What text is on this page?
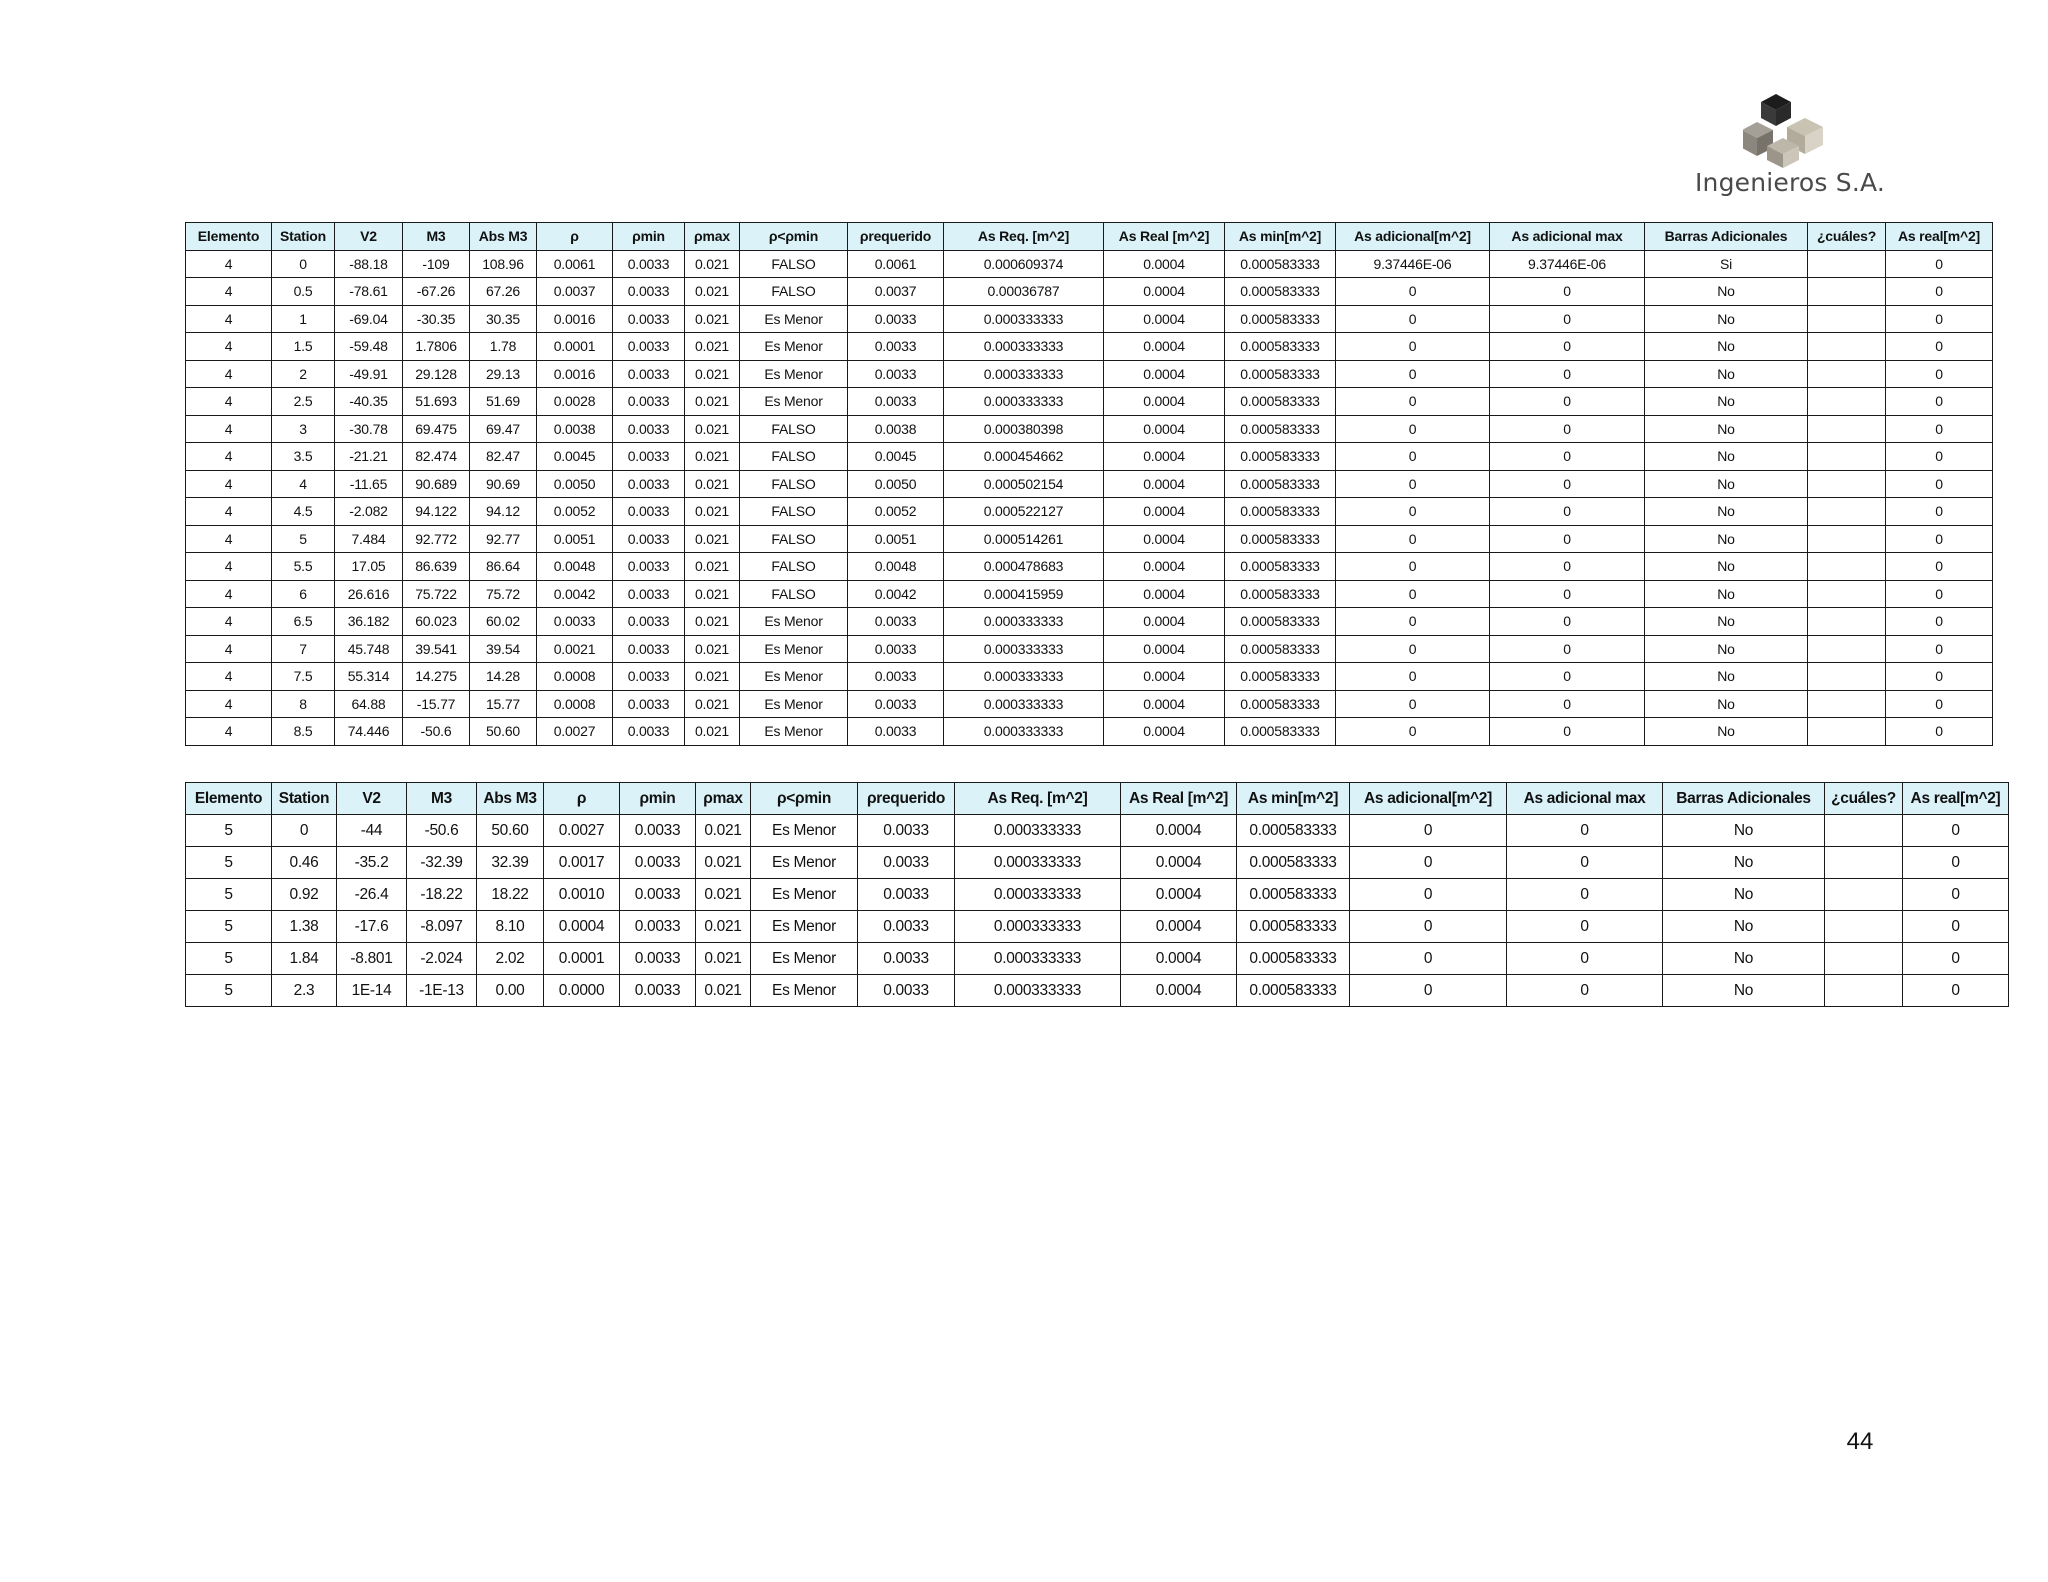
Ingenieros S.A.
Elemento	Station	V2	M3	Abs M3	ρ	ρmin	ρmax	ρ<ρmin	ρrequerido	As Req. [m^2]	As Real [m^2]	As min[m^2]	As adicional[m^2]	As adicional max	Barras Adicionales	¿cuáles?	As real[m^2]
4	0	-88.18	-109	108.96	0.0061	0.0033	0.021	FALSO	0.0061	0.000609374	0.0004	0.000583333	9.37446E-06	9.37446E-06	Si		0
4	0.5	-78.61	-67.26	67.26	0.0037	0.0033	0.021	FALSO	0.0037	0.00036787	0.0004	0.000583333	0	0	No		0
4	1	-69.04	-30.35	30.35	0.0016	0.0033	0.021	Es Menor	0.0033	0.000333333	0.0004	0.000583333	0	0	No		0
4	1.5	-59.48	1.7806	1.78	0.0001	0.0033	0.021	Es Menor	0.0033	0.000333333	0.0004	0.000583333	0	0	No		0
4	2	-49.91	29.128	29.13	0.0016	0.0033	0.021	Es Menor	0.0033	0.000333333	0.0004	0.000583333	0	0	No		0
4	2.5	-40.35	51.693	51.69	0.0028	0.0033	0.021	Es Menor	0.0033	0.000333333	0.0004	0.000583333	0	0	No		0
4	3	-30.78	69.475	69.47	0.0038	0.0033	0.021	FALSO	0.0038	0.000380398	0.0004	0.000583333	0	0	No		0
4	3.5	-21.21	82.474	82.47	0.0045	0.0033	0.021	FALSO	0.0045	0.000454662	0.0004	0.000583333	0	0	No		0
4	4	-11.65	90.689	90.69	0.0050	0.0033	0.021	FALSO	0.0050	0.000502154	0.0004	0.000583333	0	0	No		0
4	4.5	-2.082	94.122	94.12	0.0052	0.0033	0.021	FALSO	0.0052	0.000522127	0.0004	0.000583333	0	0	No		0
4	5	7.484	92.772	92.77	0.0051	0.0033	0.021	FALSO	0.0051	0.000514261	0.0004	0.000583333	0	0	No		0
4	5.5	17.05	86.639	86.64	0.0048	0.0033	0.021	FALSO	0.0048	0.000478683	0.0004	0.000583333	0	0	No		0
4	6	26.616	75.722	75.72	0.0042	0.0033	0.021	FALSO	0.0042	0.000415959	0.0004	0.000583333	0	0	No		0
4	6.5	36.182	60.023	60.02	0.0033	0.0033	0.021	Es Menor	0.0033	0.000333333	0.0004	0.000583333	0	0	No		0
4	7	45.748	39.541	39.54	0.0021	0.0033	0.021	Es Menor	0.0033	0.000333333	0.0004	0.000583333	0	0	No		0
4	7.5	55.314	14.275	14.28	0.0008	0.0033	0.021	Es Menor	0.0033	0.000333333	0.0004	0.000583333	0	0	No		0
4	8	64.88	-15.77	15.77	0.0008	0.0033	0.021	Es Menor	0.0033	0.000333333	0.0004	0.000583333	0	0	No		0
4	8.5	74.446	-50.6	50.60	0.0027	0.0033	0.021	Es Menor	0.0033	0.000333333	0.0004	0.000583333	0	0	No		0
Elemento	Station	V2	M3	Abs M3	ρ	ρmin	ρmax	ρ<ρmin	ρrequerido	As Req. [m^2]	As Real [m^2]	As min[m^2]	As adicional[m^2]	As adicional max	Barras Adicionales	¿cuáles?	As real[m^2]
5	0	-44	-50.6	50.60	0.0027	0.0033	0.021	Es Menor	0.0033	0.000333333	0.0004	0.000583333	0	0	No		0
5	0.46	-35.2	-32.39	32.39	0.0017	0.0033	0.021	Es Menor	0.0033	0.000333333	0.0004	0.000583333	0	0	No		0
5	0.92	-26.4	-18.22	18.22	0.0010	0.0033	0.021	Es Menor	0.0033	0.000333333	0.0004	0.000583333	0	0	No		0
5	1.38	-17.6	-8.097	8.10	0.0004	0.0033	0.021	Es Menor	0.0033	0.000333333	0.0004	0.000583333	0	0	No		0
5	1.84	-8.801	-2.024	2.02	0.0001	0.0033	0.021	Es Menor	0.0033	0.000333333	0.0004	0.000583333	0	0	No		0
5	2.3	1E-14	-1E-13	0.00	0.0000	0.0033	0.021	Es Menor	0.0033	0.000333333	0.0004	0.000583333	0	0	No		0
44
